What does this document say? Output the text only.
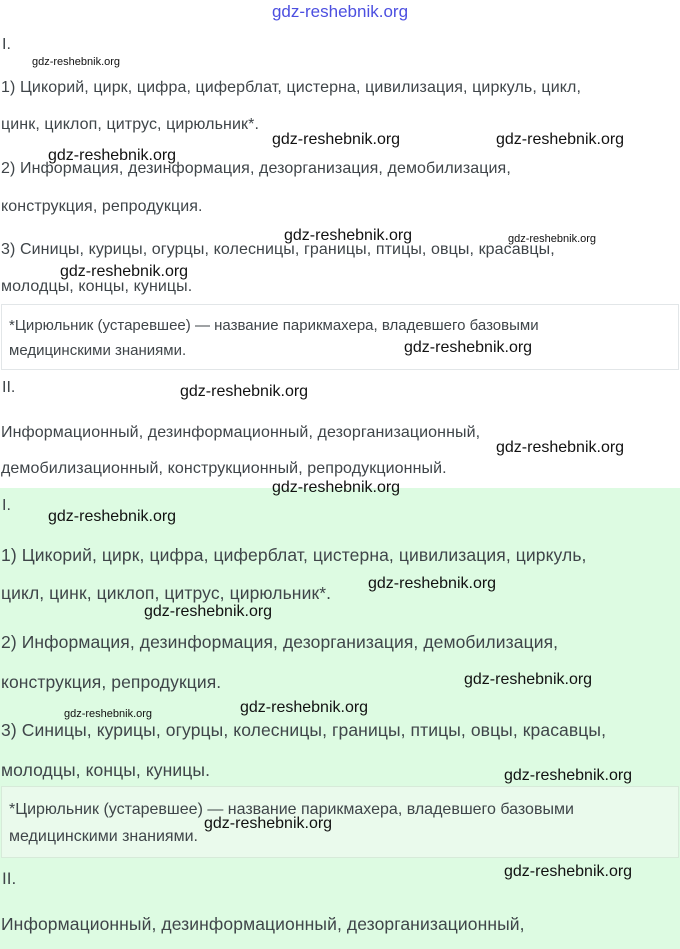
gdz-reshebnik.org
I.
1) Цикорий, цирк, цифра, циферблат, цистерна, цивилизация, циркуль, цикл,
цинк, циклоп, цитрус, цирюльник*.
2) Информация, дезинформация, дезорганизация, демобилизация,
конструкция, репродукция.
3) Синицы, курицы, огурцы, колесницы, границы, птицы, овцы, красавцы,
молодцы, концы, куницы.
*Цирюльник (устаревшее) — название парикмахера, владевшего базовыми
медицинскими знаниями.
II.
Информационный, дезинформационный, дезорганизационный,
демобилизационный, конструкционный, репродукционный.
I.
1) Цикорий, цирк, цифра, циферблат, цистерна, цивилизация, циркуль,
цикл, цинк, циклоп, цитрус, цирюльник*.
2) Информация, дезинформация, дезорганизация, демобилизация,
конструкция, репродукция.
3) Синицы, курицы, огурцы, колесницы, границы, птицы, овцы, красавцы,
молодцы, концы, куницы.
*Цирюльник (устаревшее) — название парикмахера, владевшего базовыми
медицинскими знаниями.
II.
Информационный, дезинформационный, дезорганизационный,
gdz-reshebnik.org
gdz-reshebnik.org	gdz-reshebnik.org
gdz-reshebnik.org
gdz-reshebnik.org	gdz-reshebnik.org
gdz-reshebnik.org
gdz-reshebnik.org
gdz-reshebnik.org
gdz-reshebnik.org
gdz-reshebnik.org
gdz-reshebnik.org
gdz-reshebnik.org
gdz-reshebnik.org
gdz-reshebnik.org
gdz-reshebnik.org
gdz-reshebnik.org
gdz-reshebnik.org
gdz-reshebnik.org
gdz-reshebnik.org
